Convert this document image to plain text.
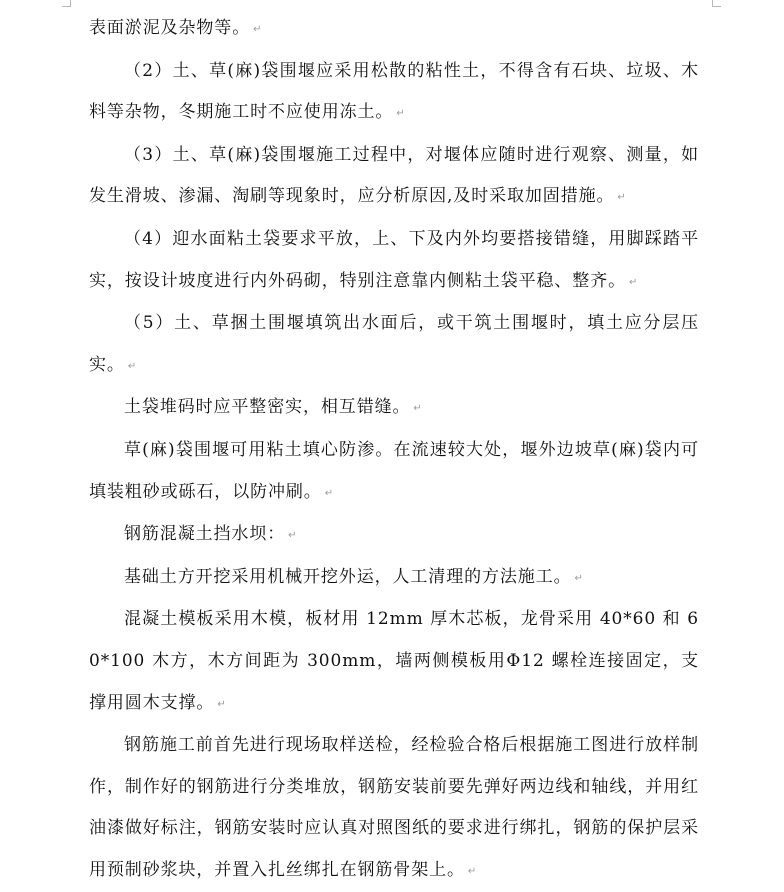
表面淤泥及杂物等。 ↵

（2）土、草(麻)袋围堰应采用松散的粘性土，不得含有石块、垃圾、木料等杂物，冬期施工时不应使用冻土。 ↵

（3）土、草(麻)袋围堰施工过程中，对堰体应随时进行观察、测量，如发生滑坡、渗漏、淘刷等现象时，应分析原因,及时采取加固措施。 ↵

（4）迎水面粘土袋要求平放，上、下及内外均要搭接错缝，用脚踩踏平实，按设计坡度进行内外码砌，特别注意靠内侧粘土袋平稳、整齐。 ↵

（5）土、草捆土围堰填筑出水面后，或干筑土围堰时，填土应分层压实。 ↵

土袋堆码时应平整密实，相互错缝。 ↵

草(麻)袋围堰可用粘土填心防渗。在流速较大处，堰外边坡草(麻)袋内可填装粗砂或砾石，以防冲刷。 ↵

钢筋混凝土挡水坝： ↵

基础土方开挖采用机械开挖外运，人工清理的方法施工。 ↵

混凝土模板采用木模，板材用 12mm 厚木芯板，龙骨采用 40*60 和 60*100 木方，木方间距为 300mm，墙两侧模板用Φ12 螺栓连接固定，支撑用圆木支撑。 ↵

钢筋施工前首先进行现场取样送检，经检验合格后根据施工图进行放样制作，制作好的钢筋进行分类堆放，钢筋安装前要先弹好两边线和轴线，并用红油漆做好标注，钢筋安装时应认真对照图纸的要求进行绑扎，钢筋的保护层采用预制砂浆块，并置入扎丝绑扎在钢筋骨架上。 ↵
